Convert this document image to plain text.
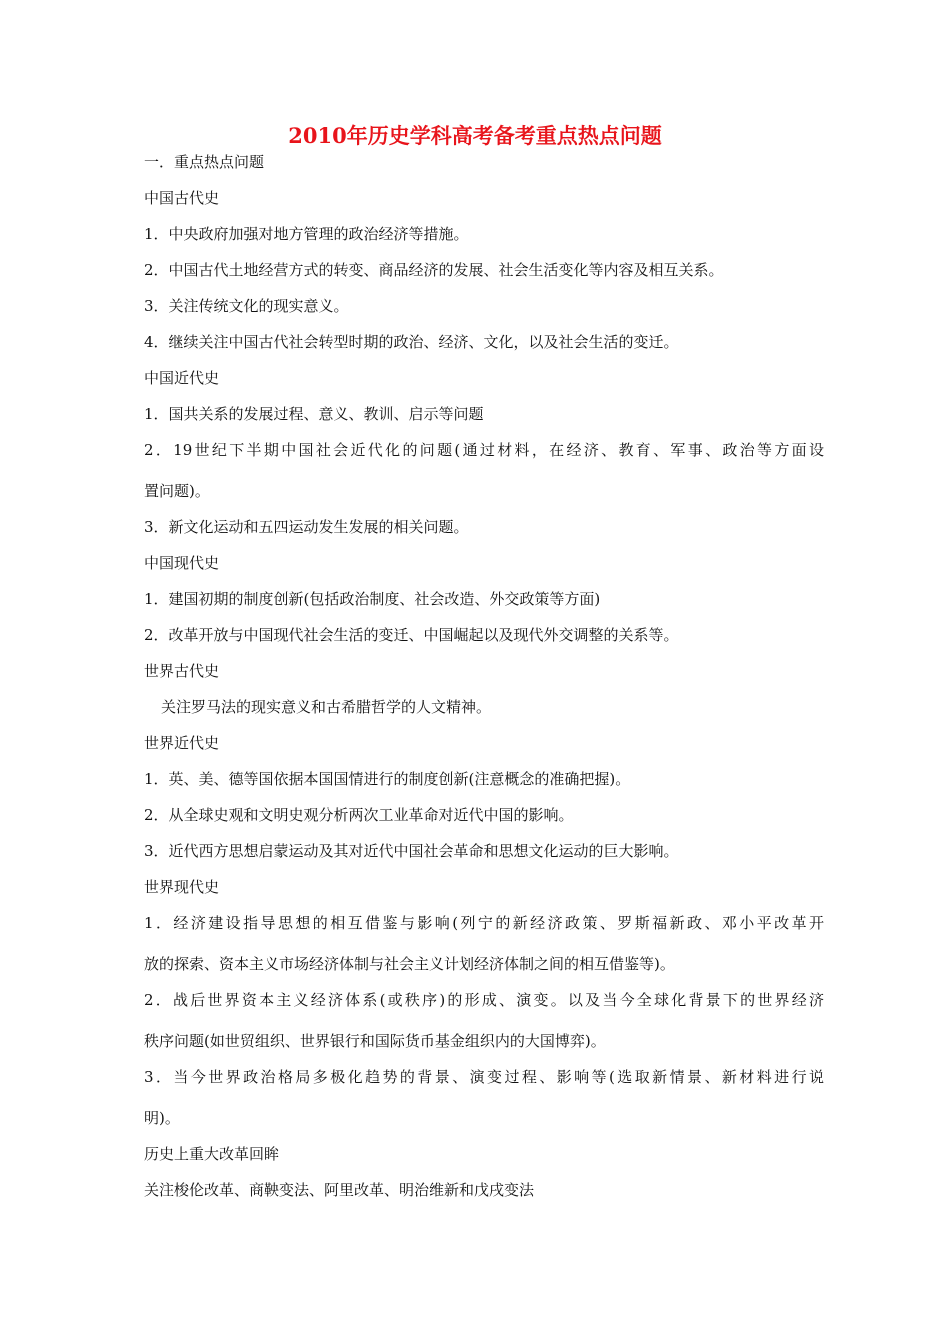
2010年历史学科高考备考重点热点问题

一．重点热点问题

中国古代史

1．中央政府加强对地方管理的政治经济等措施。

2．中国古代土地经营方式的转变、商品经济的发展、社会生活变化等内容及相互关系。

3．关注传统文化的现实意义。

4．继续关注中国古代社会转型时期的政治、经济、文化，以及社会生活的变迁。

中国近代史

1．国共关系的发展过程、意义、教训、启示等问题

2．19世纪下半期中国社会近代化的问题(通过材料，在经济、教育、军事、政治等方面设

置问题)。

3．新文化运动和五四运动发生发展的相关问题。

中国现代史

1．建国初期的制度创新(包括政治制度、社会改造、外交政策等方面)

2．改革开放与中国现代社会生活的变迁、中国崛起以及现代外交调整的关系等。

世界古代史

关注罗马法的现实意义和古希腊哲学的人文精神。

世界近代史

1．英、美、德等国依据本国国情进行的制度创新(注意概念的准确把握)。

2．从全球史观和文明史观分析两次工业革命对近代中国的影响。

3．近代西方思想启蒙运动及其对近代中国社会革命和思想文化运动的巨大影响。

世界现代史

1．经济建设指导思想的相互借鉴与影响(列宁的新经济政策、罗斯福新政、邓小平改革开

放的探索、资本主义市场经济体制与社会主义计划经济体制之间的相互借鉴等)。

2．战后世界资本主义经济体系(或秩序)的形成、演变。以及当今全球化背景下的世界经济

秩序问题(如世贸组织、世界银行和国际货币基金组织内的大国博弈)。

3．当今世界政治格局多极化趋势的背景、演变过程、影响等(选取新情景、新材料进行说

明)。

历史上重大改革回眸

关注梭伦改革、商鞅变法、阿里改革、明治维新和戊戌变法
